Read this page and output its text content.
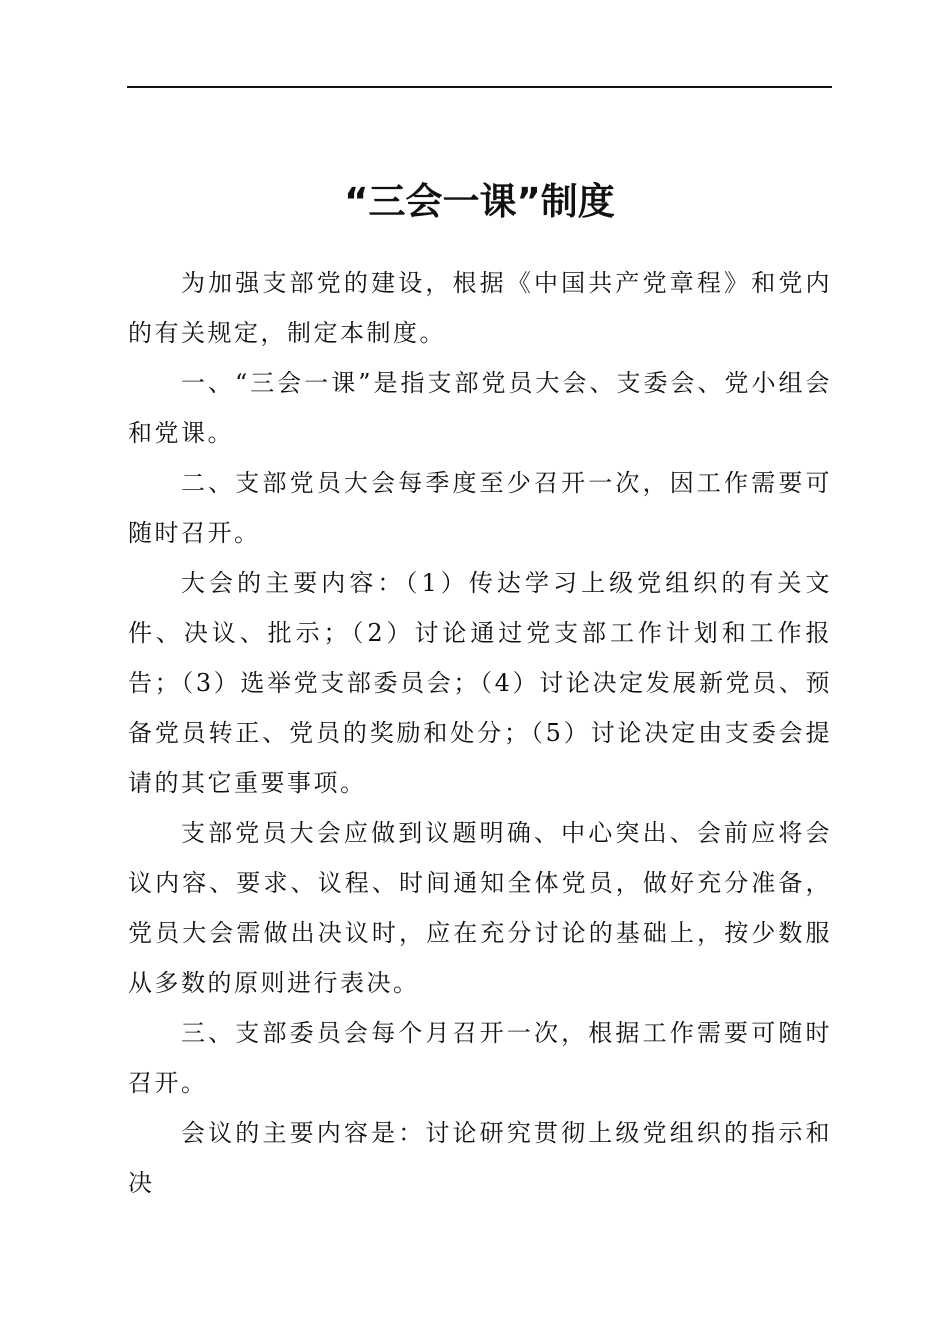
“三会一课”制度

为加强支部党的建设，根据《中国共产党章程》和党内的有关规定，制定本制度。

一、“三会一课”是指支部党员大会、支委会、党小组会和党课。

二、支部党员大会每季度至少召开一次，因工作需要可随时召开。

大会的主要内容：（1）传达学习上级党组织的有关文件、决议、批示；（2）讨论通过党支部工作计划和工作报告；（3）选举党支部委员会；（4）讨论决定发展新党员、预备党员转正、党员的奖励和处分；（5）讨论决定由支委会提请的其它重要事项。

支部党员大会应做到议题明确、中心突出、会前应将会议内容、要求、议程、时间通知全体党员，做好充分准备，党员大会需做出决议时，应在充分讨论的基础上，按少数服从多数的原则进行表决。

三、支部委员会每个月召开一次，根据工作需要可随时召开。

会议的主要内容是：讨论研究贯彻上级党组织的指示和决
